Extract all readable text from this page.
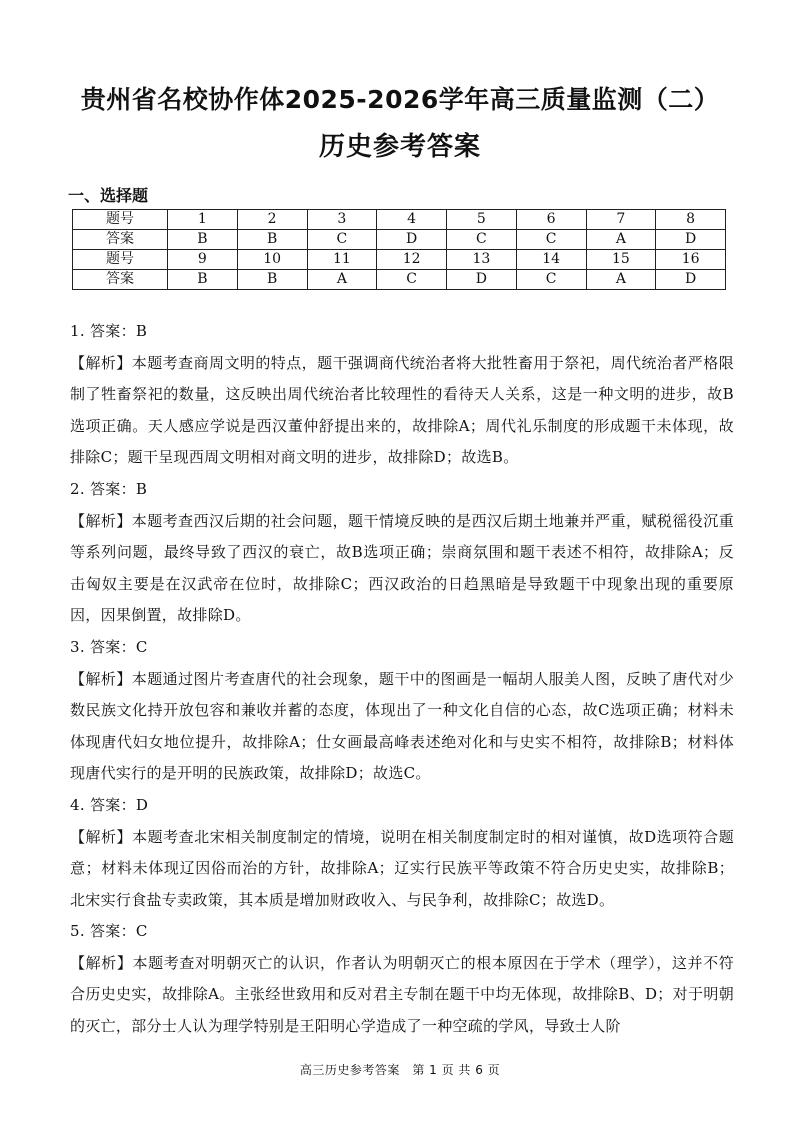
贵州省名校协作体2025-2026学年高三质量监测（二）
历史参考答案
一、选择题
题号	1	2	3	4	5	6	7	8
答案	B	B	C	D	C	C	A	D
题号	9	10	11	12	13	14	15	16
答案	B	B	A	C	D	C	A	D
1. 答案：B
【解析】本题考查商周文明的特点，题干强调商代统治者将大批牲畜用于祭祀，周代统治者严格限制了牲畜祭祀的数量，这反映出周代统治者比较理性的看待天人关系，这是一种文明的进步，故B选项正确。天人感应学说是西汉董仲舒提出来的，故排除A；周代礼乐制度的形成题干未体现，故排除C；题干呈现西周文明相对商文明的进步，故排除D；故选B。
2. 答案：B
【解析】本题考查西汉后期的社会问题，题干情境反映的是西汉后期土地兼并严重，赋税徭役沉重等系列问题，最终导致了西汉的衰亡，故B选项正确；崇商氛围和题干表述不相符，故排除A；反击匈奴主要是在汉武帝在位时，故排除C；西汉政治的日趋黑暗是导致题干中现象出现的重要原因，因果倒置，故排除D。
3. 答案：C
【解析】本题通过图片考查唐代的社会现象，题干中的图画是一幅胡人服美人图，反映了唐代对少数民族文化持开放包容和兼收并蓄的态度，体现出了一种文化自信的心态，故C选项正确；材料未体现唐代妇女地位提升，故排除A；仕女画最高峰表述绝对化和与史实不相符，故排除B；材料体现唐代实行的是开明的民族政策，故排除D；故选C。
4. 答案：D
【解析】本题考查北宋相关制度制定的情境，说明在相关制度制定时的相对谨慎，故D选项符合题意；材料未体现辽因俗而治的方针，故排除A；辽实行民族平等政策不符合历史史实，故排除B；北宋实行食盐专卖政策，其本质是增加财政收入、与民争利，故排除C；故选D。
5. 答案：C
【解析】本题考查对明朝灭亡的认识，作者认为明朝灭亡的根本原因在于学术（理学），这并不符合历史史实，故排除A。主张经世致用和反对君主专制在题干中均无体现，故排除B、D；对于明朝的灭亡，部分士人认为理学特别是王阳明心学造成了一种空疏的学风，导致士人阶
高三历史参考答案　第 1 页 共 6 页
